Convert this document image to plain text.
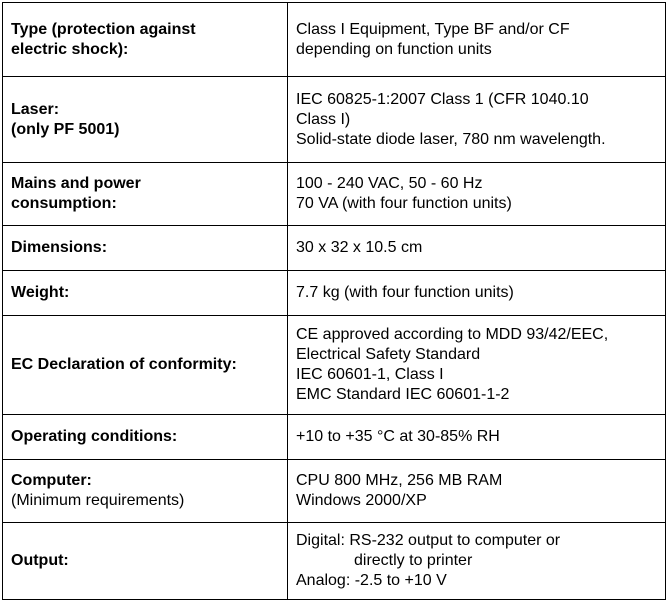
Type (protection against
electric shock):	Class I Equipment, Type BF and/or CF
depending on function units

Laser:
(only PF 5001)	IEC 60825-1:2007 Class 1 (CFR 1040.10
Class I)
Solid-state diode laser, 780 nm wavelength.

Mains and power
consumption:	100 - 240 VAC, 50 - 60 Hz
70 VA (with four function units)

Dimensions:	30 x 32 x 10.5 cm

Weight:	7.7 kg (with four function units)

EC Declaration of conformity:	CE approved according to MDD 93/42/EEC,
Electrical Safety Standard
IEC 60601-1, Class I
EMC Standard IEC 60601-1-2

Operating conditions:	+10 to +35 °C at 30-85% RH

Computer:
(Minimum requirements)	CPU 800 MHz, 256 MB RAM
Windows 2000/XP

Output:	Digital: RS-232 output to computer or
directly to printer
Analog: -2.5 to +10 V
